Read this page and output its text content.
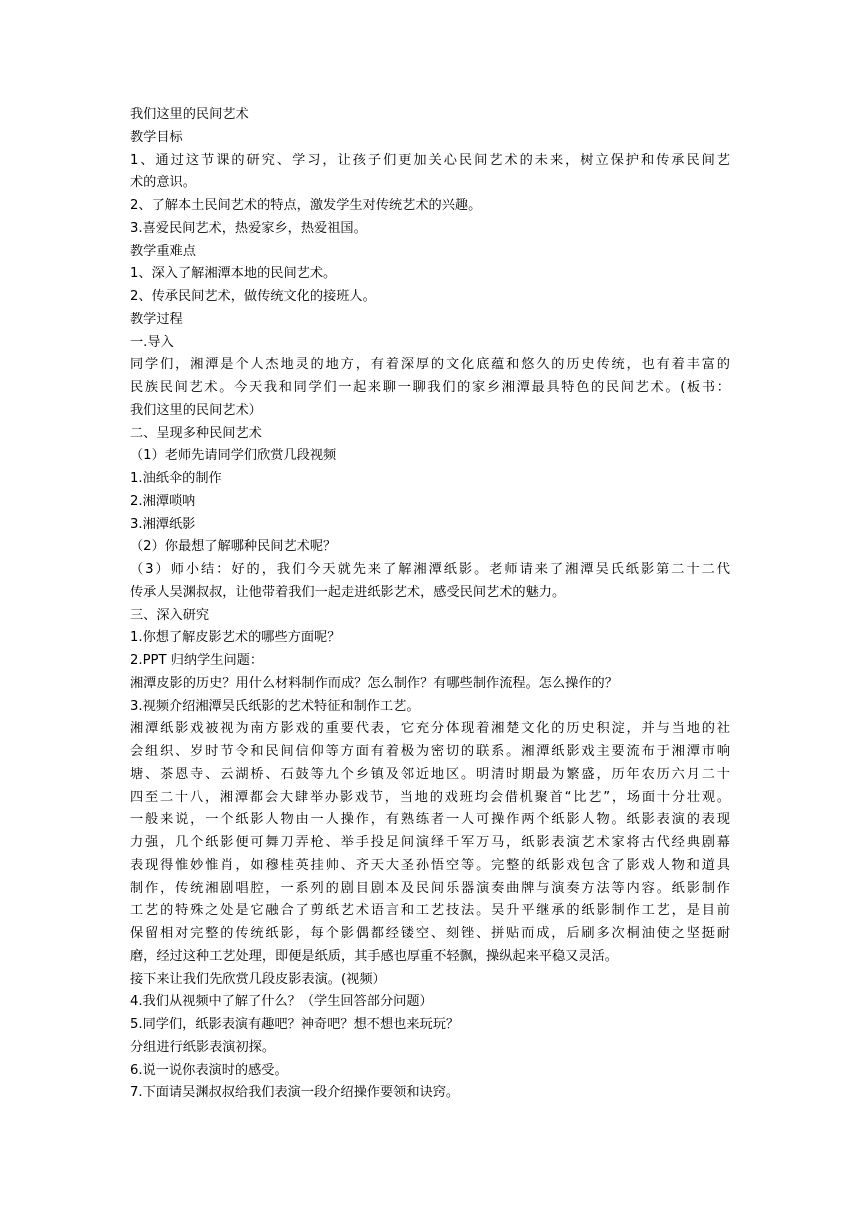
我们这里的民间艺术

教学目标

1、通过这节课的研究、学习，让孩子们更加关心民间艺术的未来，树立保护和传承民间艺

术的意识。

2、了解本土民间艺术的特点，激发学生对传统艺术的兴趣。

3.喜爱民间艺术，热爱家乡，热爱祖国。

教学重难点

1、深入了解湘潭本地的民间艺术。

2、传承民间艺术，做传统文化的接班人。

教学过程

一.导入

同学们，湘潭是个人杰地灵的地方，有着深厚的文化底蕴和悠久的历史传统，也有着丰富的

民族民间艺术。今天我和同学们一起来聊一聊我们的家乡湘潭最具特色的民间艺术。(板书：

我们这里的民间艺术）

二、呈现多种民间艺术

（1）老师先请同学们欣赏几段视频

1.油纸伞的制作

2.湘潭唢呐

3.湘潭纸影

（2）你最想了解哪种民间艺术呢？

（3）师小结：好的，我们今天就先来了解湘潭纸影。老师请来了湘潭吴氏纸影第二十二代

传承人吴渊叔叔，让他带着我们一起走进纸影艺术，感受民间艺术的魅力。

三、深入研究

1.你想了解皮影艺术的哪些方面呢？

2.PPT 归纳学生问题：

湘潭皮影的历史？用什么材料制作而成？怎么制作？有哪些制作流程。怎么操作的？

3.视频介绍湘潭吴氏纸影的艺术特征和制作工艺。

湘潭纸影戏被视为南方影戏的重要代表，它充分体现着湘楚文化的历史积淀，并与当地的社

会组织、岁时节令和民间信仰等方面有着极为密切的联系。湘潭纸影戏主要流布于湘潭市响

塘、茶恩寺、云湖桥、石鼓等九个乡镇及邻近地区。明清时期最为繁盛，历年农历六月二十

四至二十八，湘潭都会大肆举办影戏节，当地的戏班均会借机聚首“比艺”，场面十分壮观。

一般来说，一个纸影人物由一人操作，有熟练者一人可操作两个纸影人物。纸影表演的表现

力强，几个纸影便可舞刀弄枪、举手投足间演绎千军万马，纸影表演艺术家将古代经典剧幕

表现得惟妙惟肖，如穆桂英挂帅、齐天大圣孙悟空等。完整的纸影戏包含了影戏人物和道具

制作，传统湘剧唱腔，一系列的剧目剧本及民间乐器演奏曲牌与演奏方法等内容。纸影制作

工艺的特殊之处是它融合了剪纸艺术语言和工艺技法。吴升平继承的纸影制作工艺，是目前

保留相对完整的传统纸影，每个影偶都经镂空、刻锉、拼贴而成，后刷多次桐油使之坚挺耐

磨，经过这种工艺处理，即便是纸质，其手感也厚重不轻飘，操纵起来平稳又灵活。

接下来让我们先欣赏几段皮影表演。(视频）

4.我们从视频中了解了什么？（学生回答部分问题）

5.同学们，纸影表演有趣吧？神奇吧？想不想也来玩玩？

分组进行纸影表演初探。

6.说一说你表演时的感受。

7.下面请吴渊叔叔给我们表演一段介绍操作要领和诀窍。
